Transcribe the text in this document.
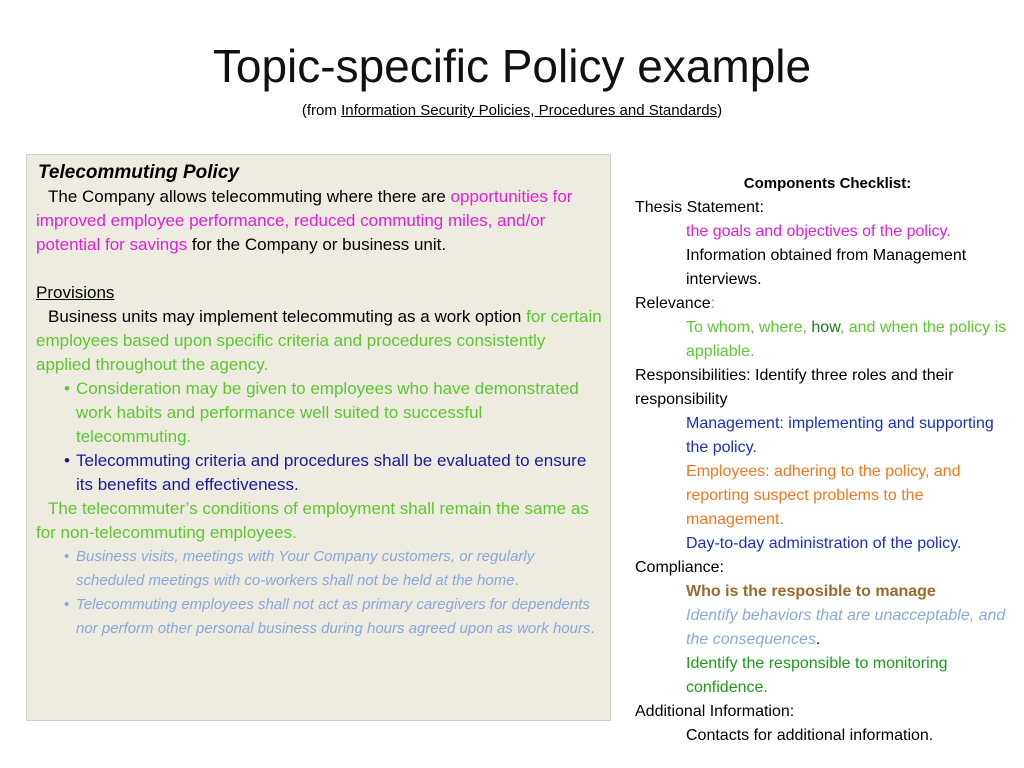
Topic-specific Policy example
(from Information Security Policies, Procedures and Standards)

Telecommuting Policy

The Company allows telecommuting where there are opportunities for improved employee performance, reduced commuting miles, and/or potential for savings for the Company or business unit.

Provisions

Business units may implement telecommuting as a work option for certain employees based upon specific criteria and procedures consistently applied throughout the agency.

• Consideration may be given to employees who have demonstrated work habits and performance well suited to successful telecommuting.

• Telecommuting criteria and procedures shall be evaluated to ensure its benefits and effectiveness.

The telecommuter’s conditions of employment shall remain the same as for non-telecommuting employees.

• Business visits, meetings with Your Company customers, or regularly scheduled meetings with co-workers shall not be held at the home.

• Telecommuting employees shall not act as primary caregivers for dependents nor perform other personal business during hours agreed upon as work hours.

Components Checklist:

Thesis Statement:

the goals and objectives of the policy.

Information obtained from Management interviews.

Relevance:

To whom, where, how, and when the policy is appliable.

Responsibilities: Identify three roles and their responsibility

Management: implementing and supporting the policy.

Employees: adhering to the policy, and reporting suspect problems to the management.

Day-to-day administration of the policy.

Compliance:

Who is the resposible to manage

Identify behaviors that are unacceptable, and the consequences.

Identify the responsible to monitoring confidence.

Additional Information:

Contacts for additional information.
